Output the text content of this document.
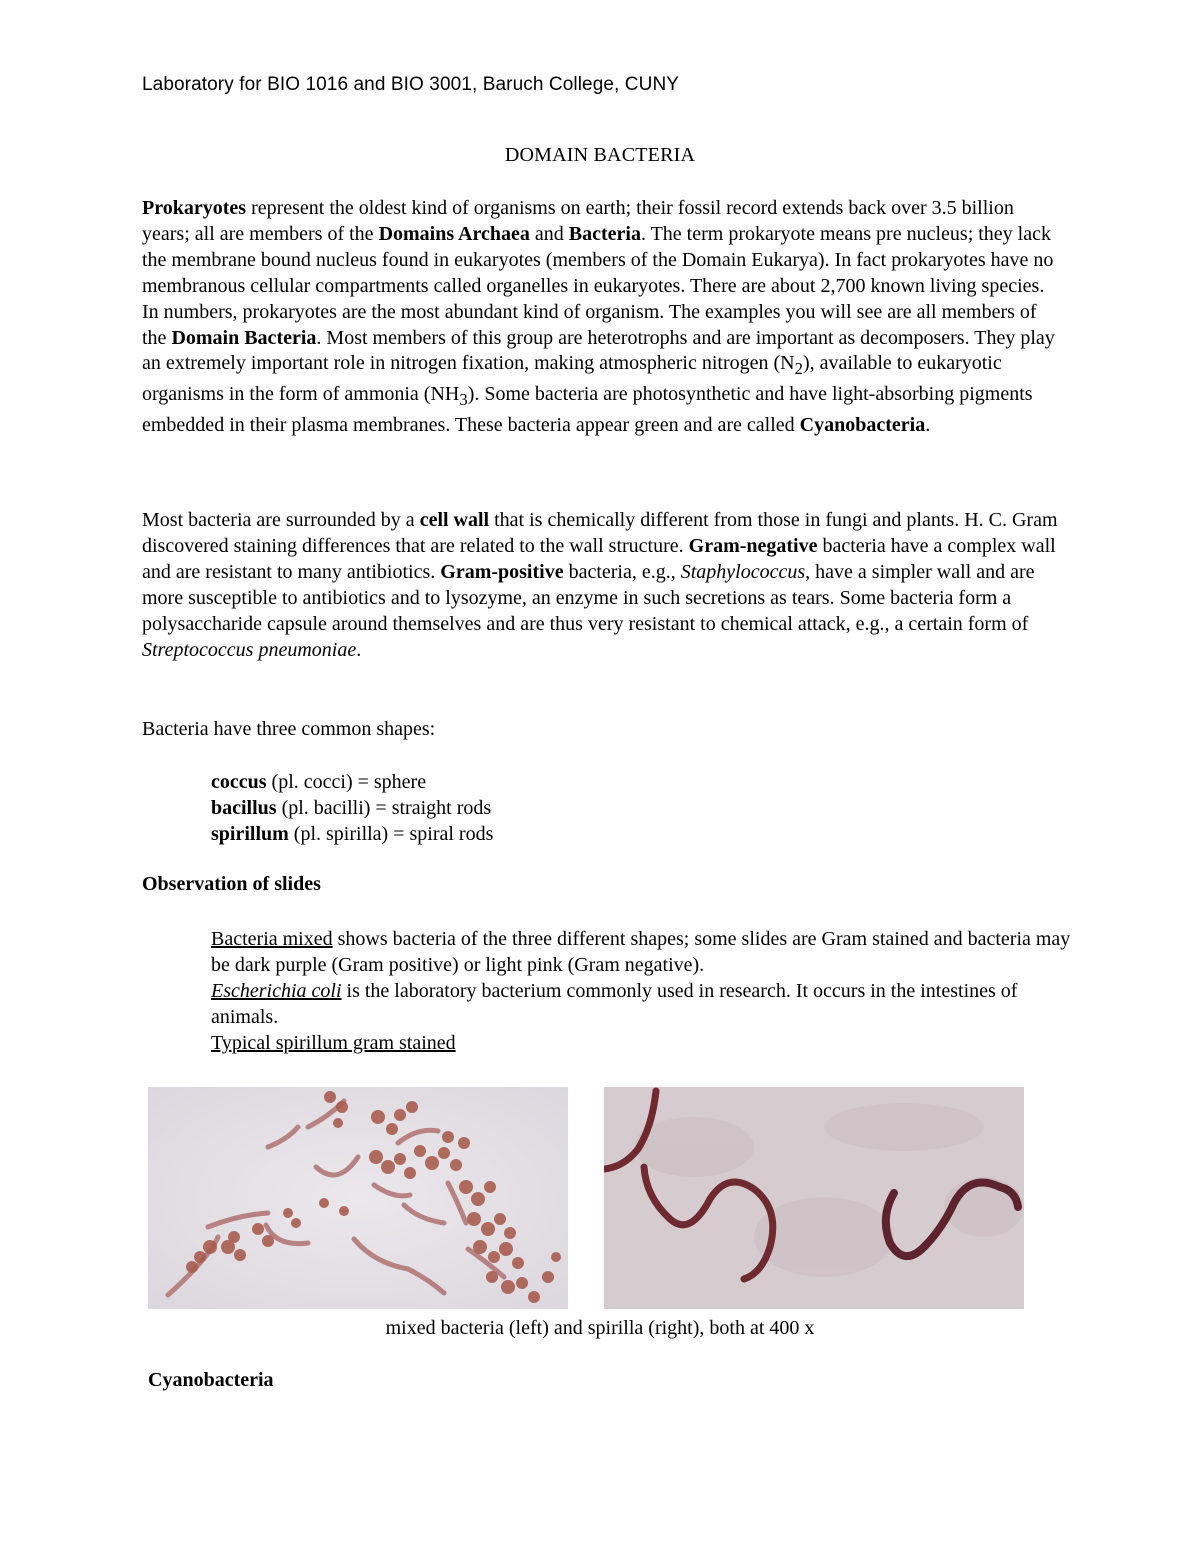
Laboratory for BIO 1016 and BIO 3001, Baruch College, CUNY
DOMAIN BACTERIA
Prokaryotes represent the oldest kind of organisms on earth; their fossil record extends back over 3.5 billion years; all are members of the Domains Archaea and Bacteria. The term prokaryote means pre nucleus; they lack the membrane bound nucleus found in eukaryotes (members of the Domain Eukarya). In fact prokaryotes have no membranous cellular compartments called organelles in eukaryotes. There are about 2,700 known living species. In numbers, prokaryotes are the most abundant kind of organism. The examples you will see are all members of the Domain Bacteria. Most members of this group are heterotrophs and are important as decomposers. They play an extremely important role in nitrogen fixation, making atmospheric nitrogen $(N_2)$, available to eukaryotic organisms in the form of ammonia $(NH_3)$. Some bacteria are photosynthetic and have light-absorbing pigments embedded in their plasma membranes. These bacteria appear green and are called Cyanobacteria.
Most bacteria are surrounded by a cell wall that is chemically different from those in fungi and plants. H. C. Gram discovered staining differences that are related to the wall structure. Gram-negative bacteria have a complex wall and are resistant to many antibiotics. Gram-positive bacteria, e.g., Staphylococcus, have a simpler wall and are more susceptible to antibiotics and to lysozyme, an enzyme in such secretions as tears. Some bacteria form a polysaccharide capsule around themselves and are thus very resistant to chemical attack, e.g., a certain form of Streptococcus pneumoniae.
Bacteria have three common shapes:
coccus (pl. cocci) = sphere
bacillus (pl. bacilli) = straight rods
spirillum (pl. spirilla) = spiral rods
Observation of slides
Bacteria mixed shows bacteria of the three different shapes; some slides are Gram stained and bacteria may be dark purple (Gram positive) or light pink (Gram negative).
Escherichia coli is the laboratory bacterium commonly used in research. It occurs in the intestines of animals.
Typical spirillum gram stained
mixed bacteria (left) and spirilla (right), both at 400 x
Cyanobacteria
